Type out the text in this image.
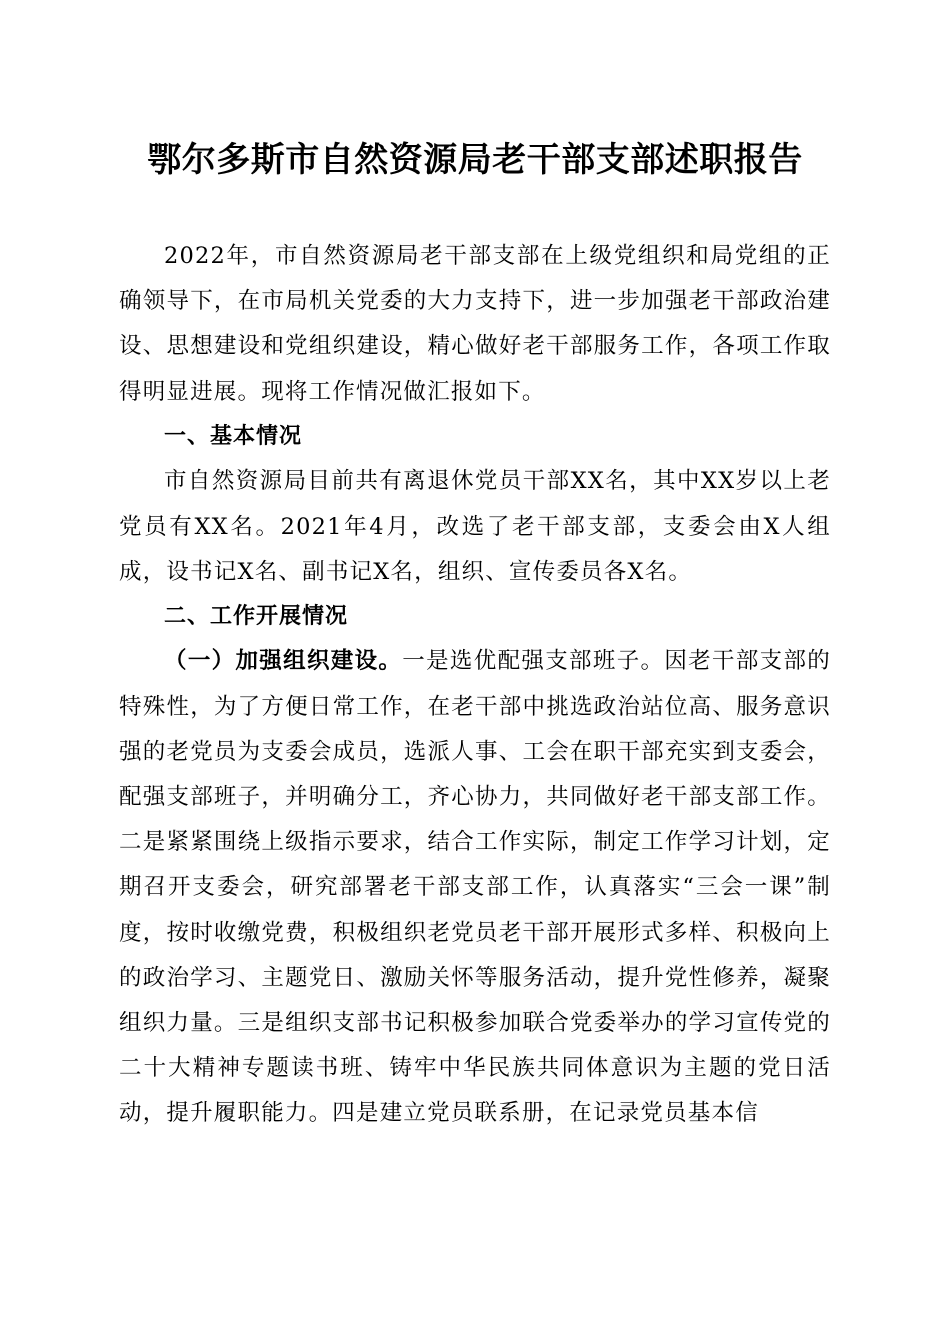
鄂尔多斯市自然资源局老干部支部述职报告

2022年，市自然资源局老干部支部在上级党组织和局党组的正确领导下，在市局机关党委的大力支持下，进一步加强老干部政治建设、思想建设和党组织建设，精心做好老干部服务工作，各项工作取得明显进展。现将工作情况做汇报如下。

一、基本情况

市自然资源局目前共有离退休党员干部XX名，其中XX岁以上老党员有XX名。2021年4月，改选了老干部支部，支委会由X人组成，设书记X名、副书记X名，组织、宣传委员各X名。

二、工作开展情况

（一）加强组织建设。一是选优配强支部班子。因老干部支部的特殊性，为了方便日常工作，在老干部中挑选政治站位高、服务意识强的老党员为支委会成员，选派人事、工会在职干部充实到支委会，配强支部班子，并明确分工，齐心协力，共同做好老干部支部工作。二是紧紧围绕上级指示要求，结合工作实际，制定工作学习计划，定期召开支委会，研究部署老干部支部工作，认真落实“三会一课”制度，按时收缴党费，积极组织老党员老干部开展形式多样、积极向上的政治学习、主题党日、激励关怀等服务活动，提升党性修养，凝聚组织力量。三是组织支部书记积极参加联合党委举办的学习宣传党的二十大精神专题读书班、铸牢中华民族共同体意识为主题的党日活动，提升履职能力。四是建立党员联系册，在记录党员基本信
